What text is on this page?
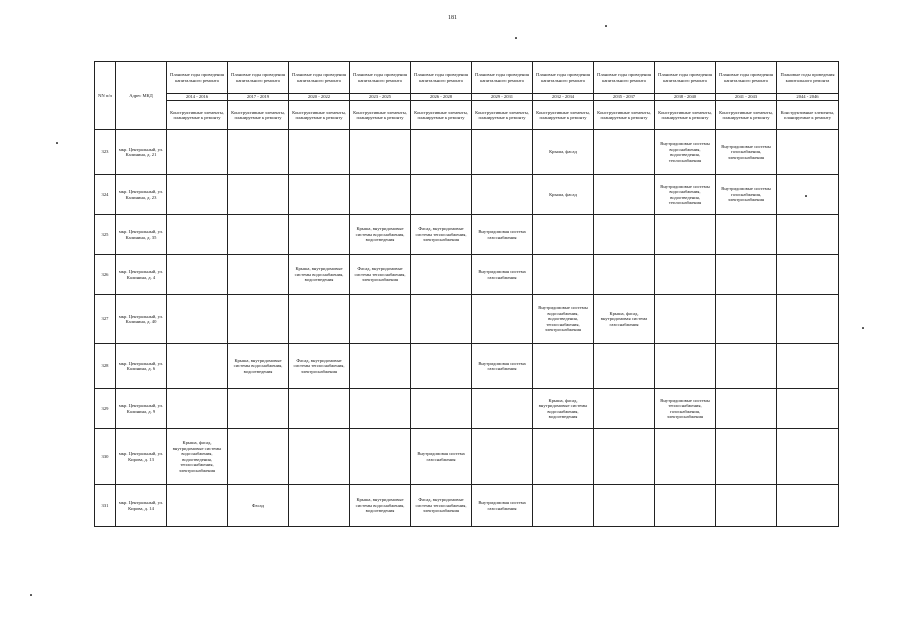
181
NN п/п	Адрес МКД	Плановые годы проведения капитального ремонта	Плановые годы проведения капитального ремонта	Плановые годы проведения капитального ремонта	Плановые годы проведения капитального ремонта	Плановые годы проведения капитального ремонта	Плановые годы проведения капитального ремонта	Плановые годы проведения капитального ремонта	Плановые годы проведения капитального ремонта	Плановые годы проведения капитального ремонта	Плановые годы проведения капитального ремонта	Плановые годы проведения капитального ремонта
		2014 - 2016	2017 - 2019	2020 - 2022	2023 - 2025	2026 - 2028	2029 - 2031	2032 - 2034	2035 - 2037	2038 - 2040	2041 - 2043	2044 - 2046
		Конструктивные элементы, планируемые к ремонту	Конструктивные элементы, планируемые к ремонту	Конструктивные элементы, планируемые к ремонту	Конструктивные элементы, планируемые к ремонту	Конструктивные элементы, планируемые к ремонту	Конструктивные элементы, планируемые к ремонту	Конструктивные элементы, планируемые к ремонту	Конструктивные элементы, планируемые к ремонту	Конструктивные элементы, планируемые к ремонту	Конструктивные элементы, планируемые к ремонту	Конструктивные элементы, планируемые к ремонту
323	мкр. Центральный, ул. Калинина, д. 21							Крыша, фасад		Внутридомовые системы водоснабжения, водоотведения, теплоснабжения	Внутридомовые системы газоснабжения, электроснабжения	
324	мкр. Центральный, ул. Калинина, д. 23							Крыша, фасад		Внутридомовые системы водоснабжения, водоотведения, теплоснабжения	Внутридомовые системы газоснабжения, электроснабжения	
325	мкр. Центральный, ул. Калинина, д. 35				Крыша, внутридомовые системы водоснабжения, водоотведения	Фасад, внутридомовые системы теплоснабжения, электроснабжения	Внутридомовая система газоснабжения					
326	мкр. Центральный, ул. Калинина, д. 4			Крыша, внутридомовые системы водоснабжения, водоотведения	Фасад, внутридомовые системы теплоснабжения, электроснабжения		Внутридомовая система газоснабжения					
327	мкр. Центральный, ул. Калинина, д. 40							Внутридомовые системы водоснабжения, водоотведения, теплоснабжения, электроснабжения	Крыша, фасад, внутридомовая система газоснабжения			
328	мкр. Центральный, ул. Калинина, д. 6		Крыша, внутридомовые системы водоснабжения, водоотведения	Фасад, внутридомовые системы теплоснабжения, электроснабжения			Внутридомовая система газоснабжения					
329	мкр. Центральный, ул. Калинина, д. 9							Крыша, фасад, внутридомовые системы водоснабжения, водоотведения		Внутридомовые системы теплоснабжения, газоснабжения, электроснабжения		
330	мкр. Центральный, ул. Кирова, д. 13	Крыша, фасад, внутридомовые системы водоснабжения, водоотведения, теплоснабжения, электроснабжения				Внутридомовая система газоснабжения						
331	мкр. Центральный, ул. Кирова, д. 14		Фасад		Крыша, внутридомовые системы водоснабжения, водоотведения	Фасад, внутридомовые системы теплоснабжения, электроснабжения	Внутридомовая система газоснабжения					
